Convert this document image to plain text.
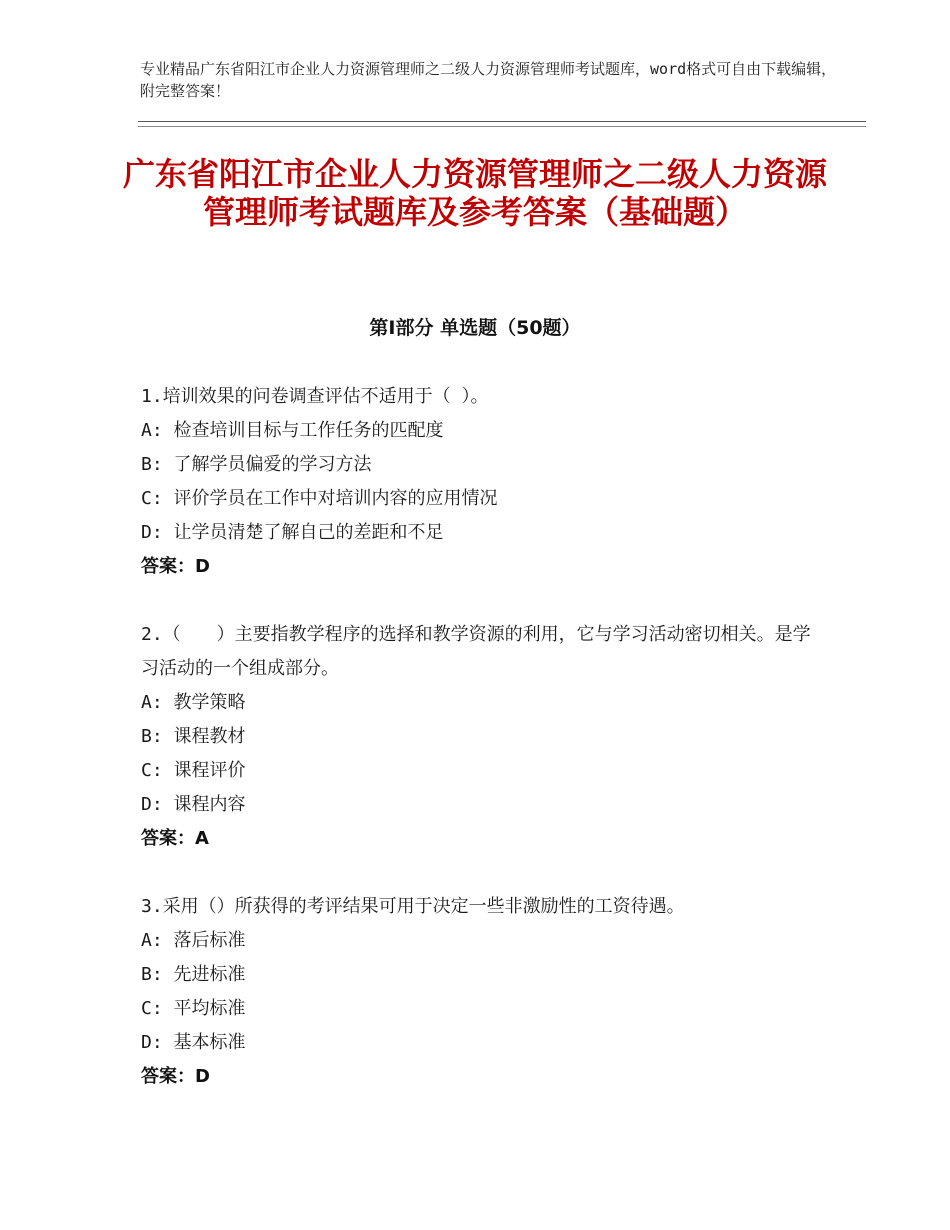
专业精品广东省阳江市企业人力资源管理师之二级人力资源管理师考试题库，word格式可自由下载编辑，附完整答案！
广东省阳江市企业人力资源管理师之二级人力资源管理师考试题库及参考答案（基础题）
第Ⅰ部分 单选题（50题）
1.培训效果的问卷调查评估不适用于（ ）。
A: 检查培训目标与工作任务的匹配度
B: 了解学员偏爱的学习方法
C: 评价学员在工作中对培训内容的应用情况
D: 让学员清楚了解自己的差距和不足
答案：D
2.（　　）主要指教学程序的选择和教学资源的利用，它与学习活动密切相关。是学习活动的一个组成部分。
A: 教学策略
B: 课程教材
C: 课程评价
D: 课程内容
答案：A
3.采用（）所获得的考评结果可用于决定一些非激励性的工资待遇。
A: 落后标准
B: 先进标准
C: 平均标准
D: 基本标准
答案：D
